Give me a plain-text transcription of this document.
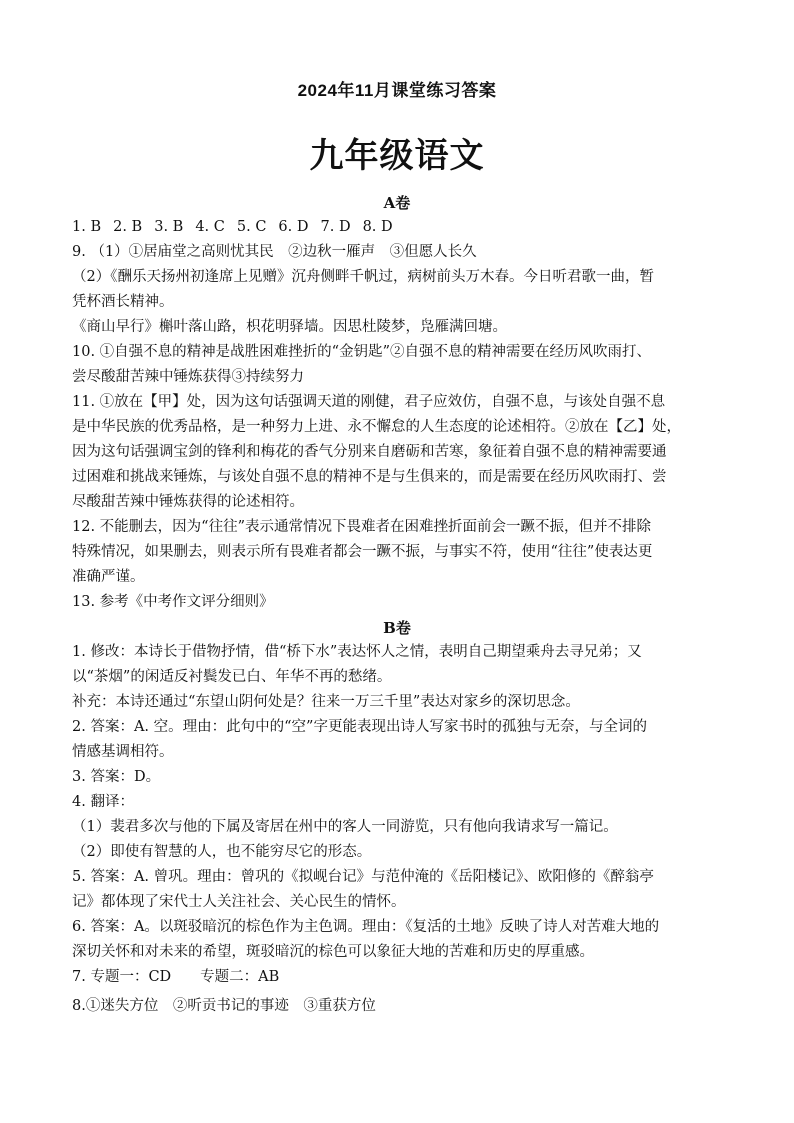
2024年11月课堂练习答案
九年级语文
A卷
1. B 2. B 3. B 4. C 5. C 6. D 7. D 8. D
9. （1）①居庙堂之高则忧其民　②边秋一雁声　③但愿人长久
（2）《酬乐天扬州初逢席上见赠》沉舟侧畔千帆过，病树前头万木春。今日听君歌一曲，暂
凭杯酒长精神。
《商山早行》槲叶落山路，枳花明驿墙。因思杜陵梦，凫雁满回塘。
10. ①自强不息的精神是战胜困难挫折的“金钥匙”②自强不息的精神需要在经历风吹雨打、
尝尽酸甜苦辣中锤炼获得③持续努力
11. ①放在【甲】处，因为这句话强调天道的刚健，君子应效仿，自强不息，与该处自强不息
是中华民族的优秀品格，是一种努力上进、永不懈怠的人生态度的论述相符。②放在【乙】处，
因为这句话强调宝剑的锋利和梅花的香气分别来自磨砺和苦寒，象征着自强不息的精神需要通
过困难和挑战来锤炼，与该处自强不息的精神不是与生俱来的，而是需要在经历风吹雨打、尝
尽酸甜苦辣中锤炼获得的论述相符。
12. 不能删去，因为“往往”表示通常情况下畏难者在困难挫折面前会一蹶不振，但并不排除
特殊情况，如果删去，则表示所有畏难者都会一蹶不振，与事实不符，使用“往往”使表达更
准确严谨。
13. 参考《中考作文评分细则》
B卷
1. 修改：本诗长于借物抒情，借“桥下水”表达怀人之情，表明自己期望乘舟去寻兄弟；又
以“茶烟”的闲适反衬鬓发已白、年华不再的愁绪。
补充：本诗还通过“东望山阴何处是？往来一万三千里”表达对家乡的深切思念。
2. 答案：A. 空。理由：此句中的“空”字更能表现出诗人写家书时的孤独与无奈，与全词的
情感基调相符。
3. 答案：D。
4. 翻译：
（1）裴君多次与他的下属及寄居在州中的客人一同游览，只有他向我请求写一篇记。
（2）即使有智慧的人，也不能穷尽它的形态。
5. 答案：A. 曾巩。理由：曾巩的《拟岘台记》与范仲淹的《岳阳楼记》、欧阳修的《醉翁亭
记》都体现了宋代士人关注社会、关心民生的情怀。
6. 答案：A。以斑驳暗沉的棕色作为主色调。理由：《复活的土地》反映了诗人对苦难大地的
深切关怀和对未来的希望，斑驳暗沉的棕色可以象征大地的苦难和历史的厚重感。
7. 专题一：CD　　专题二：AB
8.①迷失方位　②听贡书记的事迹　③重获方位
